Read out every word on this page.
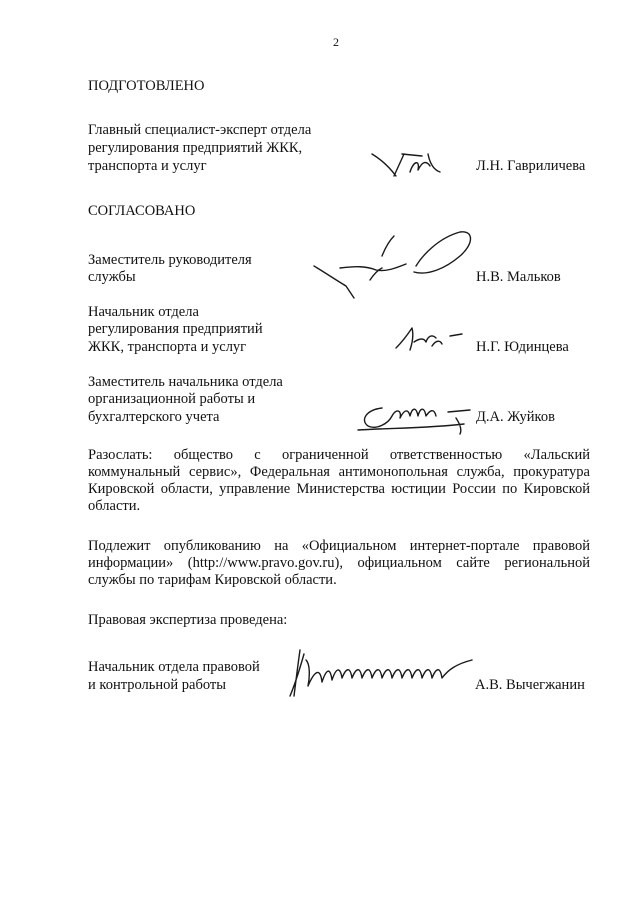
2
ПОДГОТОВЛЕНО
Главный специалист-эксперт отдела
регулирования предприятий ЖКК,
транспорта и услуг	Л.Н. Гавриличева
СОГЛАСОВАНО
Заместитель руководителя
службы	Н.В. Мальков
Начальник отдела
регулирования предприятий
ЖКК, транспорта и услуг	Н.Г. Юдинцева
Заместитель начальника отдела
организационной работы и
бухгалтерского учета	Д.А. Жуйков
Разослать: общество с ограниченной ответственностью «Лальский коммунальный сервис», Федеральная антимонопольная служба, прокуратура Кировской области, управление Министерства юстиции России по Кировской области.
Подлежит опубликованию на «Официальном интернет-портале правовой информации» (http://www.pravo.gov.ru), официальном сайте региональной службы по тарифам Кировской области.
Правовая экспертиза проведена:
Начальник отдела правовой
и контрольной работы	А.В. Вычегжанин
